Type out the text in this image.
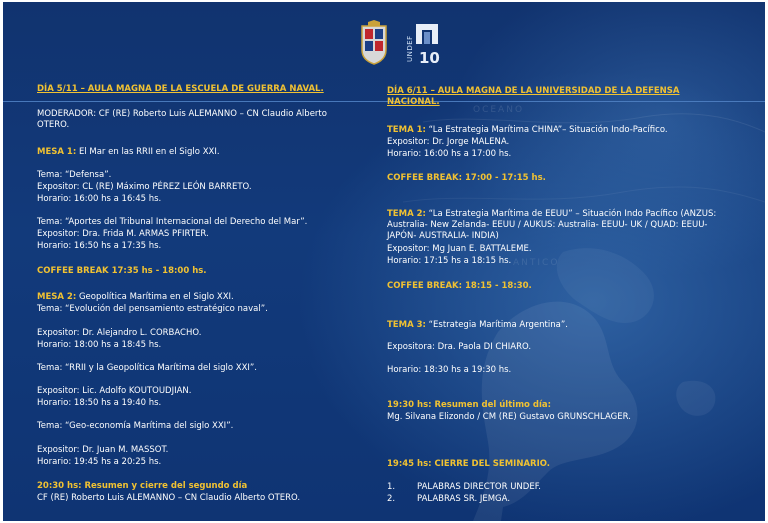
OCEANO
ANTICO
10
UNDEF
DÍA 5/11 – AULA MAGNA DE LA ESCUELA DE GUERRA NAVAL.
MODERADOR: CF (RE) Roberto Luis ALEMANNO – CN Claudio Alberto OTERO.
MESA 1: El Mar en las RRII en el Siglo XXI.
Tema: “Defensa”.
Expositor: CL (RE) Máximo PÉREZ LEÓN BARRETO.
Horario: 16:00 hs a 16:45 hs.
Tema: “Aportes del Tribunal Internacional del Derecho del Mar”.
Expositor: Dra. Frida M. ARMAS PFIRTER.
Horario: 16:50 hs a 17:35 hs.
COFFEE BREAK 17:35 hs - 18:00 hs.
MESA 2: Geopolítica Marítima en el Siglo XXI.
Tema: “Evolución del pensamiento estratégico naval”.
Expositor: Dr. Alejandro L. CORBACHO.
Horario: 18:00 hs a 18:45 hs.
Tema: “RRII y la Geopolítica Marítima del siglo XXI”.
Expositor: Lic. Adolfo KOUTOUDJIAN.
Horario: 18:50 hs a 19:40 hs.
Tema: “Geo-economía Marítima del siglo XXI”.
Expositor: Dr. Juan M. MASSOT.
Horario: 19:45 hs a 20:25 hs.
20:30 hs: Resumen y cierre del segundo día
CF (RE) Roberto Luis ALEMANNO – CN Claudio Alberto OTERO.
DÍA 6/11 – AULA MAGNA DE LA UNIVERSIDAD DE LA DEFENSA NACIONAL.
TEMA 1: “La Estrategia Marítima CHINA”– Situación Indo-Pacífico.
Expositor: Dr. Jorge MALENA.
Horario: 16:00 hs a 17:00 hs.
COFFEE BREAK: 17:00 - 17:15 hs.
TEMA 2: “La Estrategia Marítima de EEUU” – Situación Indo Pacífico (ANZUS: Australia- New Zelanda- EEUU / AUKUS: Australia- EEUU- UK / QUAD: EEUU- JAPÓN- AUSTRALIA- INDIA)
Expositor: Mg Juan E. BATTALEME.
Horario: 17:15 hs a 18:15 hs.
COFFEE BREAK: 18:15 - 18:30.
TEMA 3: “Estrategia Marítima Argentina”.
Expositora: Dra. Paola DI CHIARO.
Horario: 18:30 hs a 19:30 hs.
19:30 hs: Resumen del último día:
Mg. Silvana Elizondo / CM (RE) Gustavo GRUNSCHLAGER.
19:45 hs: CIERRE DEL SEMINARIO.
1.	PALABRAS DIRECTOR UNDEF.
2.	PALABRAS SR. JEMGA.
